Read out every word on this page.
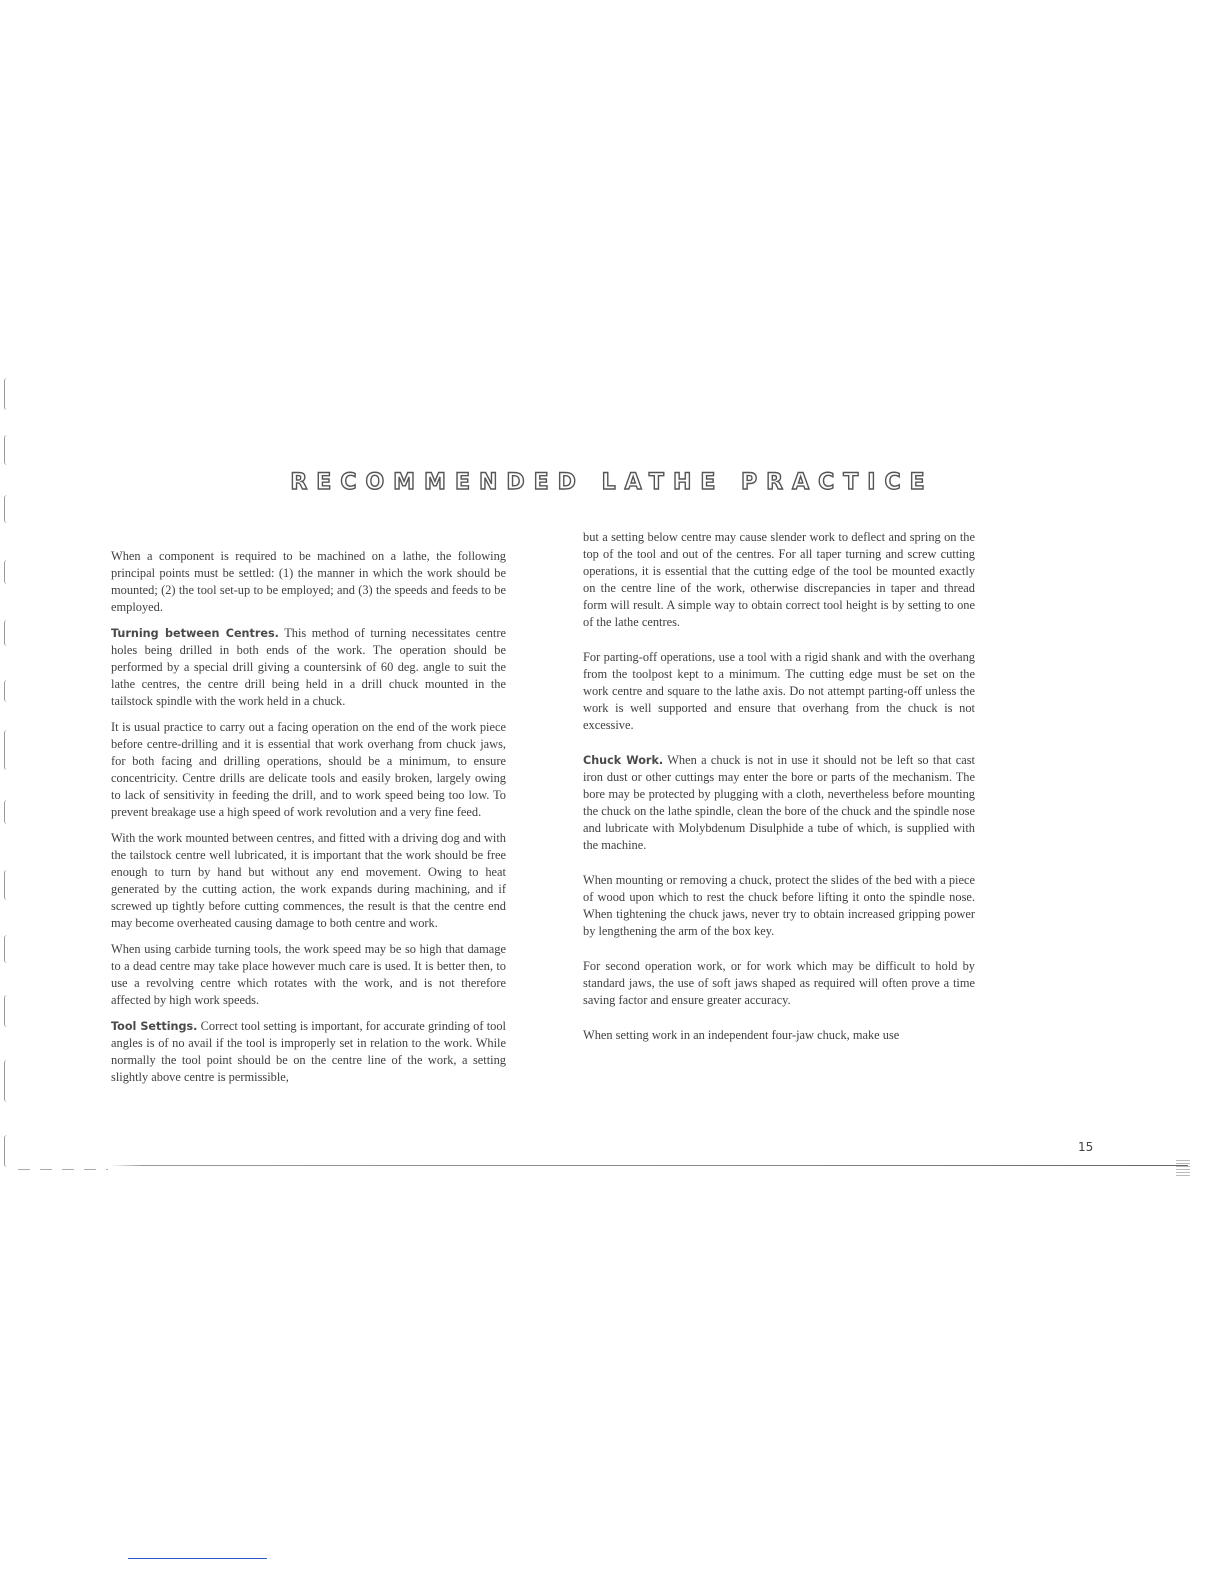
RECOMMENDED LATHE PRACTICE

When a component is required to be machined on a lathe, the following principal points must be settled: (1) the manner in which the work should be mounted; (2) the tool set-up to be employed; and (3) the speeds and feeds to be employed.

Turning between Centres. This method of turning necessitates centre holes being drilled in both ends of the work. The operation should be performed by a special drill giving a countersink of 60 deg. angle to suit the lathe centres, the centre drill being held in a drill chuck mounted in the tailstock spindle with the work held in a chuck.

It is usual practice to carry out a facing operation on the end of the work piece before centre-drilling and it is essential that work overhang from chuck jaws, for both facing and drilling operations, should be a minimum, to ensure concentricity. Centre drills are delicate tools and easily broken, largely owing to lack of sensitivity in feeding the drill, and to work speed being too low. To prevent breakage use a high speed of work revolution and a very fine feed.

With the work mounted between centres, and fitted with a driving dog and with the tailstock centre well lubricated, it is important that the work should be free enough to turn by hand but without any end movement. Owing to heat generated by the cutting action, the work expands during machining, and if screwed up tightly before cutting commences, the result is that the centre end may become overheated causing damage to both centre and work.

When using carbide turning tools, the work speed may be so high that damage to a dead centre may take place however much care is used. It is better then, to use a revolving centre which rotates with the work, and is not therefore affected by high work speeds.

Tool Settings. Correct tool setting is important, for accurate grinding of tool angles is of no avail if the tool is improperly set in relation to the work. While normally the tool point should be on the centre line of the work, a setting slightly above centre is permissible,

but a setting below centre may cause slender work to deflect and spring on the top of the tool and out of the centres. For all taper turning and screw cutting operations, it is essential that the cutting edge of the tool be mounted exactly on the centre line of the work, otherwise discrepancies in taper and thread form will result. A simple way to obtain correct tool height is by setting to one of the lathe centres.

For parting-off operations, use a tool with a rigid shank and with the overhang from the toolpost kept to a minimum. The cutting edge must be set on the work centre and square to the lathe axis. Do not attempt parting-off unless the work is well supported and ensure that overhang from the chuck is not excessive.

Chuck Work. When a chuck is not in use it should not be left so that cast iron dust or other cuttings may enter the bore or parts of the mechanism. The bore may be protected by plugging with a cloth, nevertheless before mounting the chuck on the lathe spindle, clean the bore of the chuck and the spindle nose and lubricate with Molybdenum Disulphide a tube of which, is supplied with the machine.

When mounting or removing a chuck, protect the slides of the bed with a piece of wood upon which to rest the chuck before lifting it onto the spindle nose. When tightening the chuck jaws, never try to obtain increased gripping power by lengthening the arm of the box key.

For second operation work, or for work which may be difficult to hold by standard jaws, the use of soft jaws shaped as required will often prove a time saving factor and ensure greater accuracy.

When setting work in an independent four-jaw chuck, make use

15
